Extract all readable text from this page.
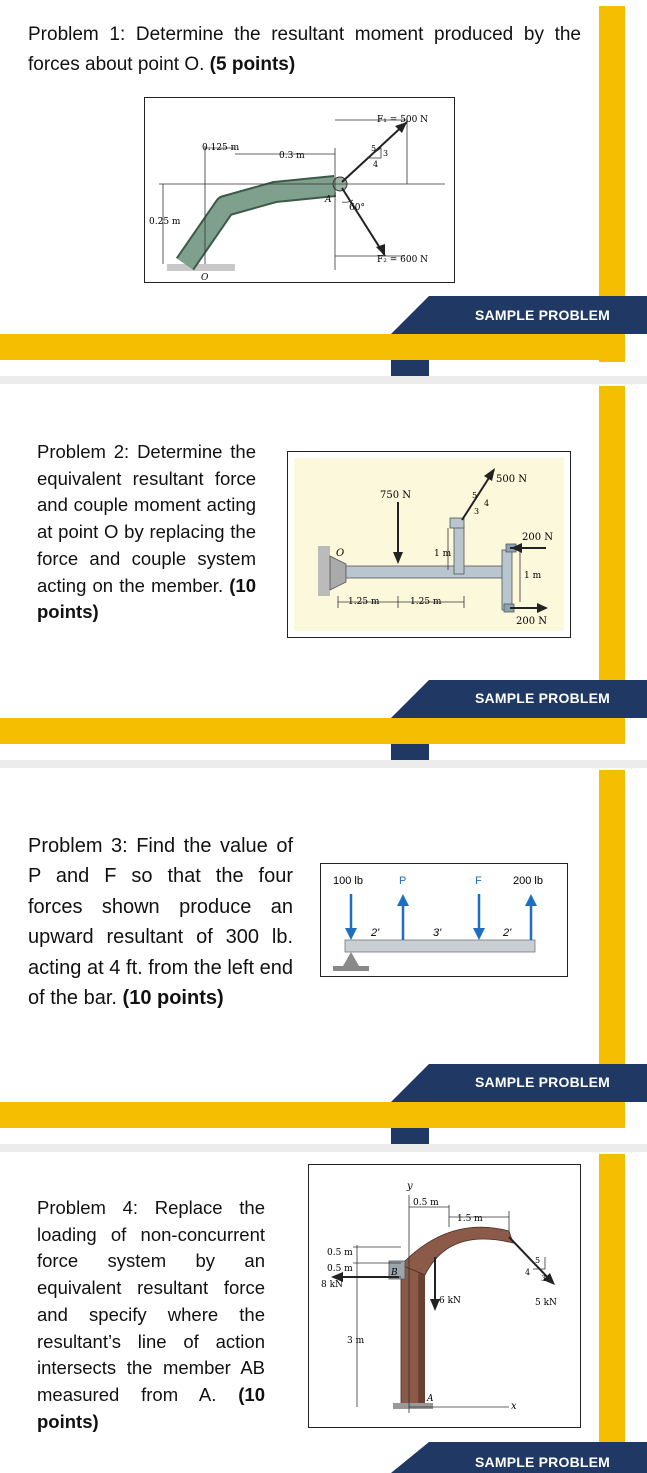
Problem 1: Determine the resultant moment produced by the forces about point O. (5 points)
F₁ = 500 N
F₂ = 600 N
0.125 m
0.3 m
0.25 m
60°
A
O
5
3
4
SAMPLE PROBLEM
Problem 2: Determine the equivalent resultant force and couple moment acting at point O by replacing the force and couple system acting on the member. (10 points)
750 N
500 N
200 N
200 N
1.25 m	1.25 m
1 m
1 m
O
5
4
3
SAMPLE PROBLEM
Problem 3: Find the value of P and F so that the four forces shown produce an upward resultant of 300 lb. acting at 4 ft. from the left end of the bar. (10 points)
100 lb	P	F	200 lb
2'	3'	2'
SAMPLE PROBLEM
Problem 4: Replace the loading of non-concurrent force system by an equivalent resultant force and specify where the resultant’s line of action intersects the member AB measured from A. (10 points)
y
x
0.5 m
1.5 m
0.5 m
0.5 m
8 kN
6 kN	5 kN
3 m
B
A
5
4
3
SAMPLE PROBLEM
